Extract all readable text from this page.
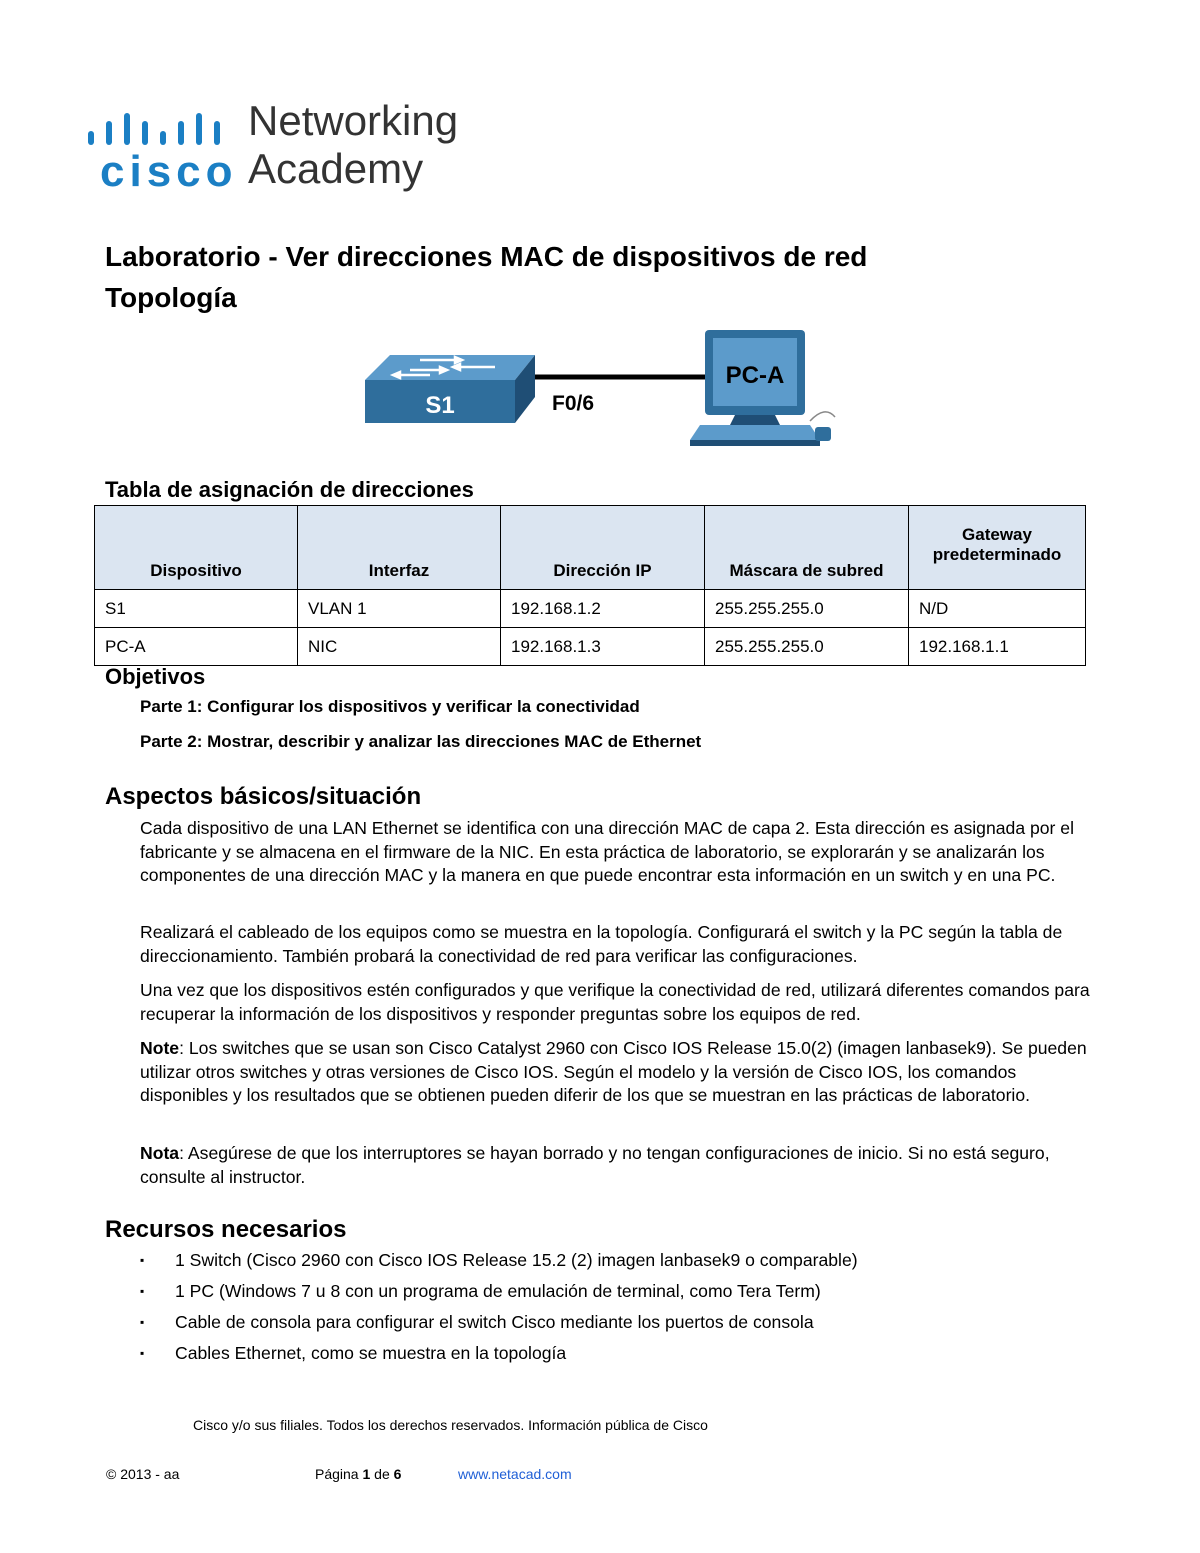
cisco
Networking
Academy
Laboratorio - Ver direcciones MAC de dispositivos de red
Topología
S1	F0/6
PC-A
Tabla de asignación de direcciones
Dispositivo	Interfaz	Dirección IP	Máscara de subred	Gateway predeterminado
S1	VLAN 1	192.168.1.2	255.255.255.0	N/D
PC-A	NIC	192.168.1.3	255.255.255.0	192.168.1.1
Objetivos
Parte 1: Configurar los dispositivos y verificar la conectividad
Parte 2: Mostrar, describir y analizar las direcciones MAC de Ethernet
Aspectos básicos/situación

Cada dispositivo de una LAN Ethernet se identifica con una dirección MAC de capa 2. Esta dirección es asignada por el fabricante y se almacena en el firmware de la NIC. En esta práctica de laboratorio, se explorarán y se analizarán los componentes de una dirección MAC y la manera en que puede encontrar esta información en un switch y en una PC.

Realizará el cableado de los equipos como se muestra en la topología. Configurará el switch y la PC según la tabla de direccionamiento. También probará la conectividad de red para verificar las configuraciones.

Una vez que los dispositivos estén configurados y que verifique la conectividad de red, utilizará diferentes comandos para recuperar la información de los dispositivos y responder preguntas sobre los equipos de red.

Note: Los switches que se usan son Cisco Catalyst 2960 con Cisco IOS Release 15.0(2) (imagen lanbasek9). Se pueden utilizar otros switches y otras versiones de Cisco IOS. Según el modelo y la versión de Cisco IOS, los comandos disponibles y los resultados que se obtienen pueden diferir de los que se muestran en las prácticas de laboratorio.

Nota: Asegúrese de que los interruptores se hayan borrado y no tengan configuraciones de inicio. Si no está seguro, consulte al instructor.

Recursos necesarios
▪ 1 Switch (Cisco 2960 con Cisco IOS Release 15.2 (2) imagen lanbasek9 o comparable)
▪ 1 PC (Windows 7 u 8 con un programa de emulación de terminal, como Tera Term)
▪ Cable de consola para configurar el switch Cisco mediante los puertos de consola
▪ Cables Ethernet, como se muestra en la topología
Cisco y/o sus filiales. Todos los derechos reservados. Información pública de Cisco
© 2013 - aa	Página 1 de 6	www.netacad.com
